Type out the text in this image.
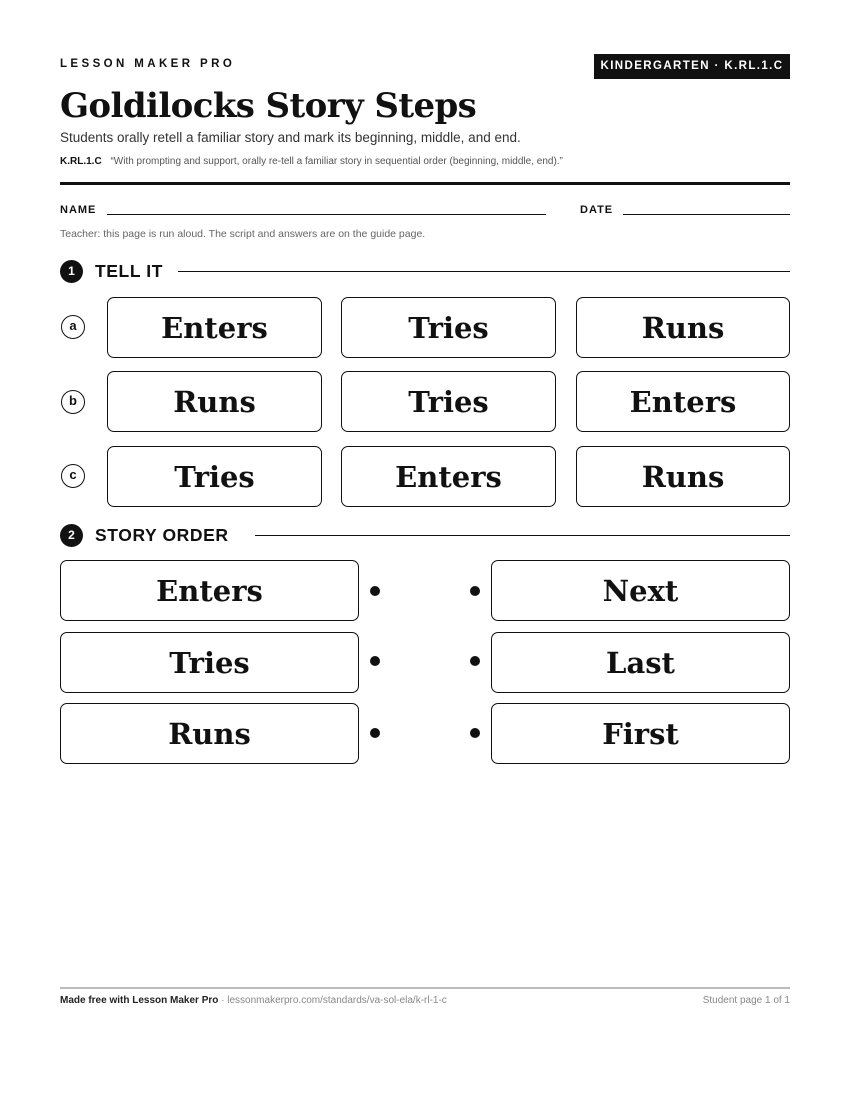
LESSON MAKER PRO	KINDERGARTEN · K.RL.1.C
Goldilocks Story Steps
Students orally retell a familiar story and mark its beginning, middle, and end.
K.RL.1.C “With prompting and support, orally re-tell a familiar story in sequential order (beginning, middle, end).”
NAME	DATE
Teacher: this page is run aloud. The script and answers are on the guide page.
1	TELL IT
a	Enters	Tries	Runs
b	Runs	Tries	Enters
c	Tries	Enters	Runs
2	STORY ORDER
Enters	Next
Tries	Last
Runs	First
Made free with Lesson Maker Pro · lessonmakerpro.com/standards/va-sol-ela/k-rl-1-c	Student page 1 of 1
